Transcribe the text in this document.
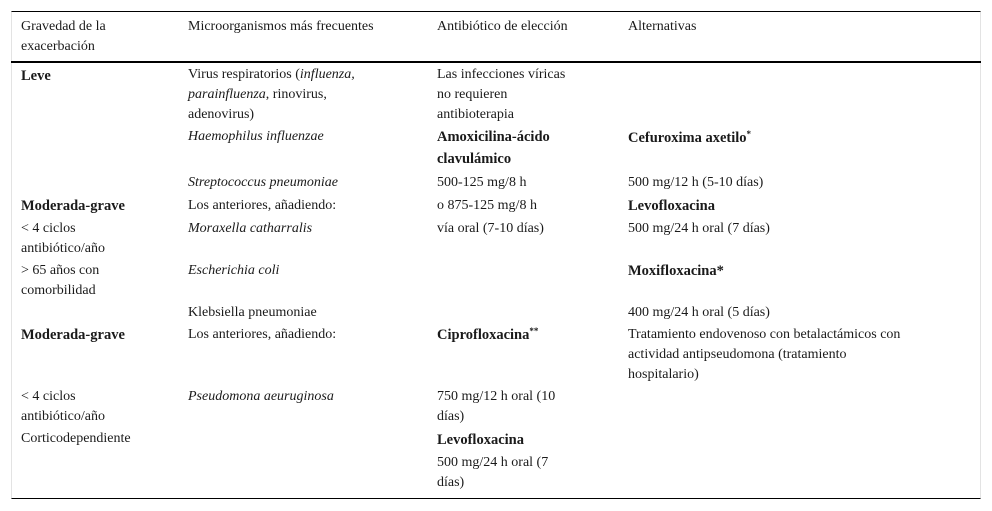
Gravedad de la
exacerbación
Microorganismos más frecuentes	Antibiótico de elección	Alternativas
Leve
Moderada-grave
< 4 ciclos
antibiótico/año
> 65 años con
comorbilidad
Moderada-grave
< 4 ciclos
antibiótico/año
Corticodependiente
Virus respiratorios (influenza,
parainfluenza, rinovirus,
adenovirus)
Haemophilus influenzae
Streptococcus pneumoniae
Los anteriores, añadiendo:
Moraxella catharralis
Escherichia coli
Klebsiella pneumoniae
Los anteriores, añadiendo:
Pseudomona aeuruginosa
Las infecciones víricas
no requieren
antibioterapia
Amoxicilina-ácido
clavulámico
500-125 mg/8 h
o 875-125 mg/8 h
vía oral (7-10 días)
Ciprofloxacina**
750 mg/12 h oral (10
días)
Levofloxacina
500 mg/24 h oral (7
días)
Cefuroxima axetilo*
500 mg/12 h (5-10 días)
Levofloxacina
500 mg/24 h oral (7 días)
Moxifloxacina*
400 mg/24 h oral (5 días)
Tratamiento endovenoso con betalactámicos con
actividad antipseudomona (tratamiento
hospitalario)
